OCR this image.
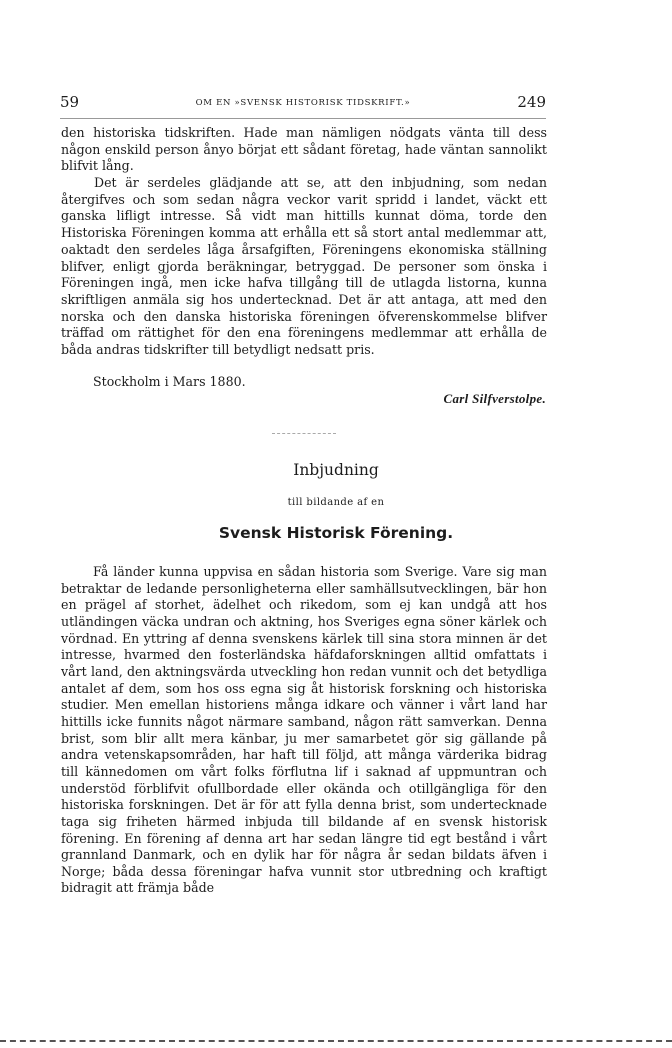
59	OM EN »SVENSK HISTORISK TIDSKRIFT.»	249

den historiska tidskriften. Hade man nämligen nödgats vänta till dess någon enskild person ånyo börjat ett sådant företag, hade väntan sannolikt blifvit lång.

Det är serdeles glädjande att se, att den inbjudning, som nedan återgifves och som sedan några veckor varit spridd i landet, väckt ett ganska lifligt intresse. Så vidt man hittills kunnat döma, torde den Historiska Föreningen komma att erhålla ett så stort antal medlemmar att, oaktadt den serdeles låga årsafgiften, Föreningens ekonomiska ställning blifver, enligt gjorda beräkningar, betryggad. De personer som önska i Föreningen ingå, men icke hafva tillgång till de utlagda listorna, kunna skriftligen anmäla sig hos undertecknad. Det är att antaga, att med den norska och den danska historiska föreningen öfverenskommelse blifver träffad om rättighet för den ena föreningens medlemmar att erhålla de båda andras tidskrifter till betydligt nedsatt pris.

Stockholm i Mars 1880.
Carl Silfverstolpe.
Inbjudning
till bildande af en
Svensk Historisk Förening.

Få länder kunna uppvisa en sådan historia som Sverige. Vare sig man betraktar de ledande personligheterna eller samhällsutvecklingen, bär hon en prägel af storhet, ädelhet och rikedom, som ej kan undgå att hos utländingen väcka undran och aktning, hos Sveriges egna söner kärlek och vördnad. En yttring af denna svenskens kärlek till sina stora minnen är det intresse, hvarmed den fosterländska häfdaforskningen alltid omfattats i vårt land, den aktningsvärda utveckling hon redan vunnit och det betydliga antalet af dem, som hos oss egna sig åt historisk forskning och historiska studier. Men emellan historiens många idkare och vänner i vårt land har hittills icke funnits något närmare samband, någon rätt samverkan. Denna brist, som blir allt mera känbar, ju mer samarbetet gör sig gällande på andra vetenskapsområden, har haft till följd, att många värderika bidrag till kännedomen om vårt folks förflutna lif i saknad af uppmuntran och understöd förblifvit ofullbordade eller okända och otillgängliga för den historiska forskningen. Det är för att fylla denna brist, som undertecknade taga sig friheten härmed inbjuda till bildande af en svensk historisk förening. En förening af denna art har sedan längre tid egt bestånd i vårt grannland Danmark, och en dylik har för några år sedan bildats äfven i Norge; båda dessa föreningar hafva vunnit stor utbredning och kraftigt bidragit att främja både
